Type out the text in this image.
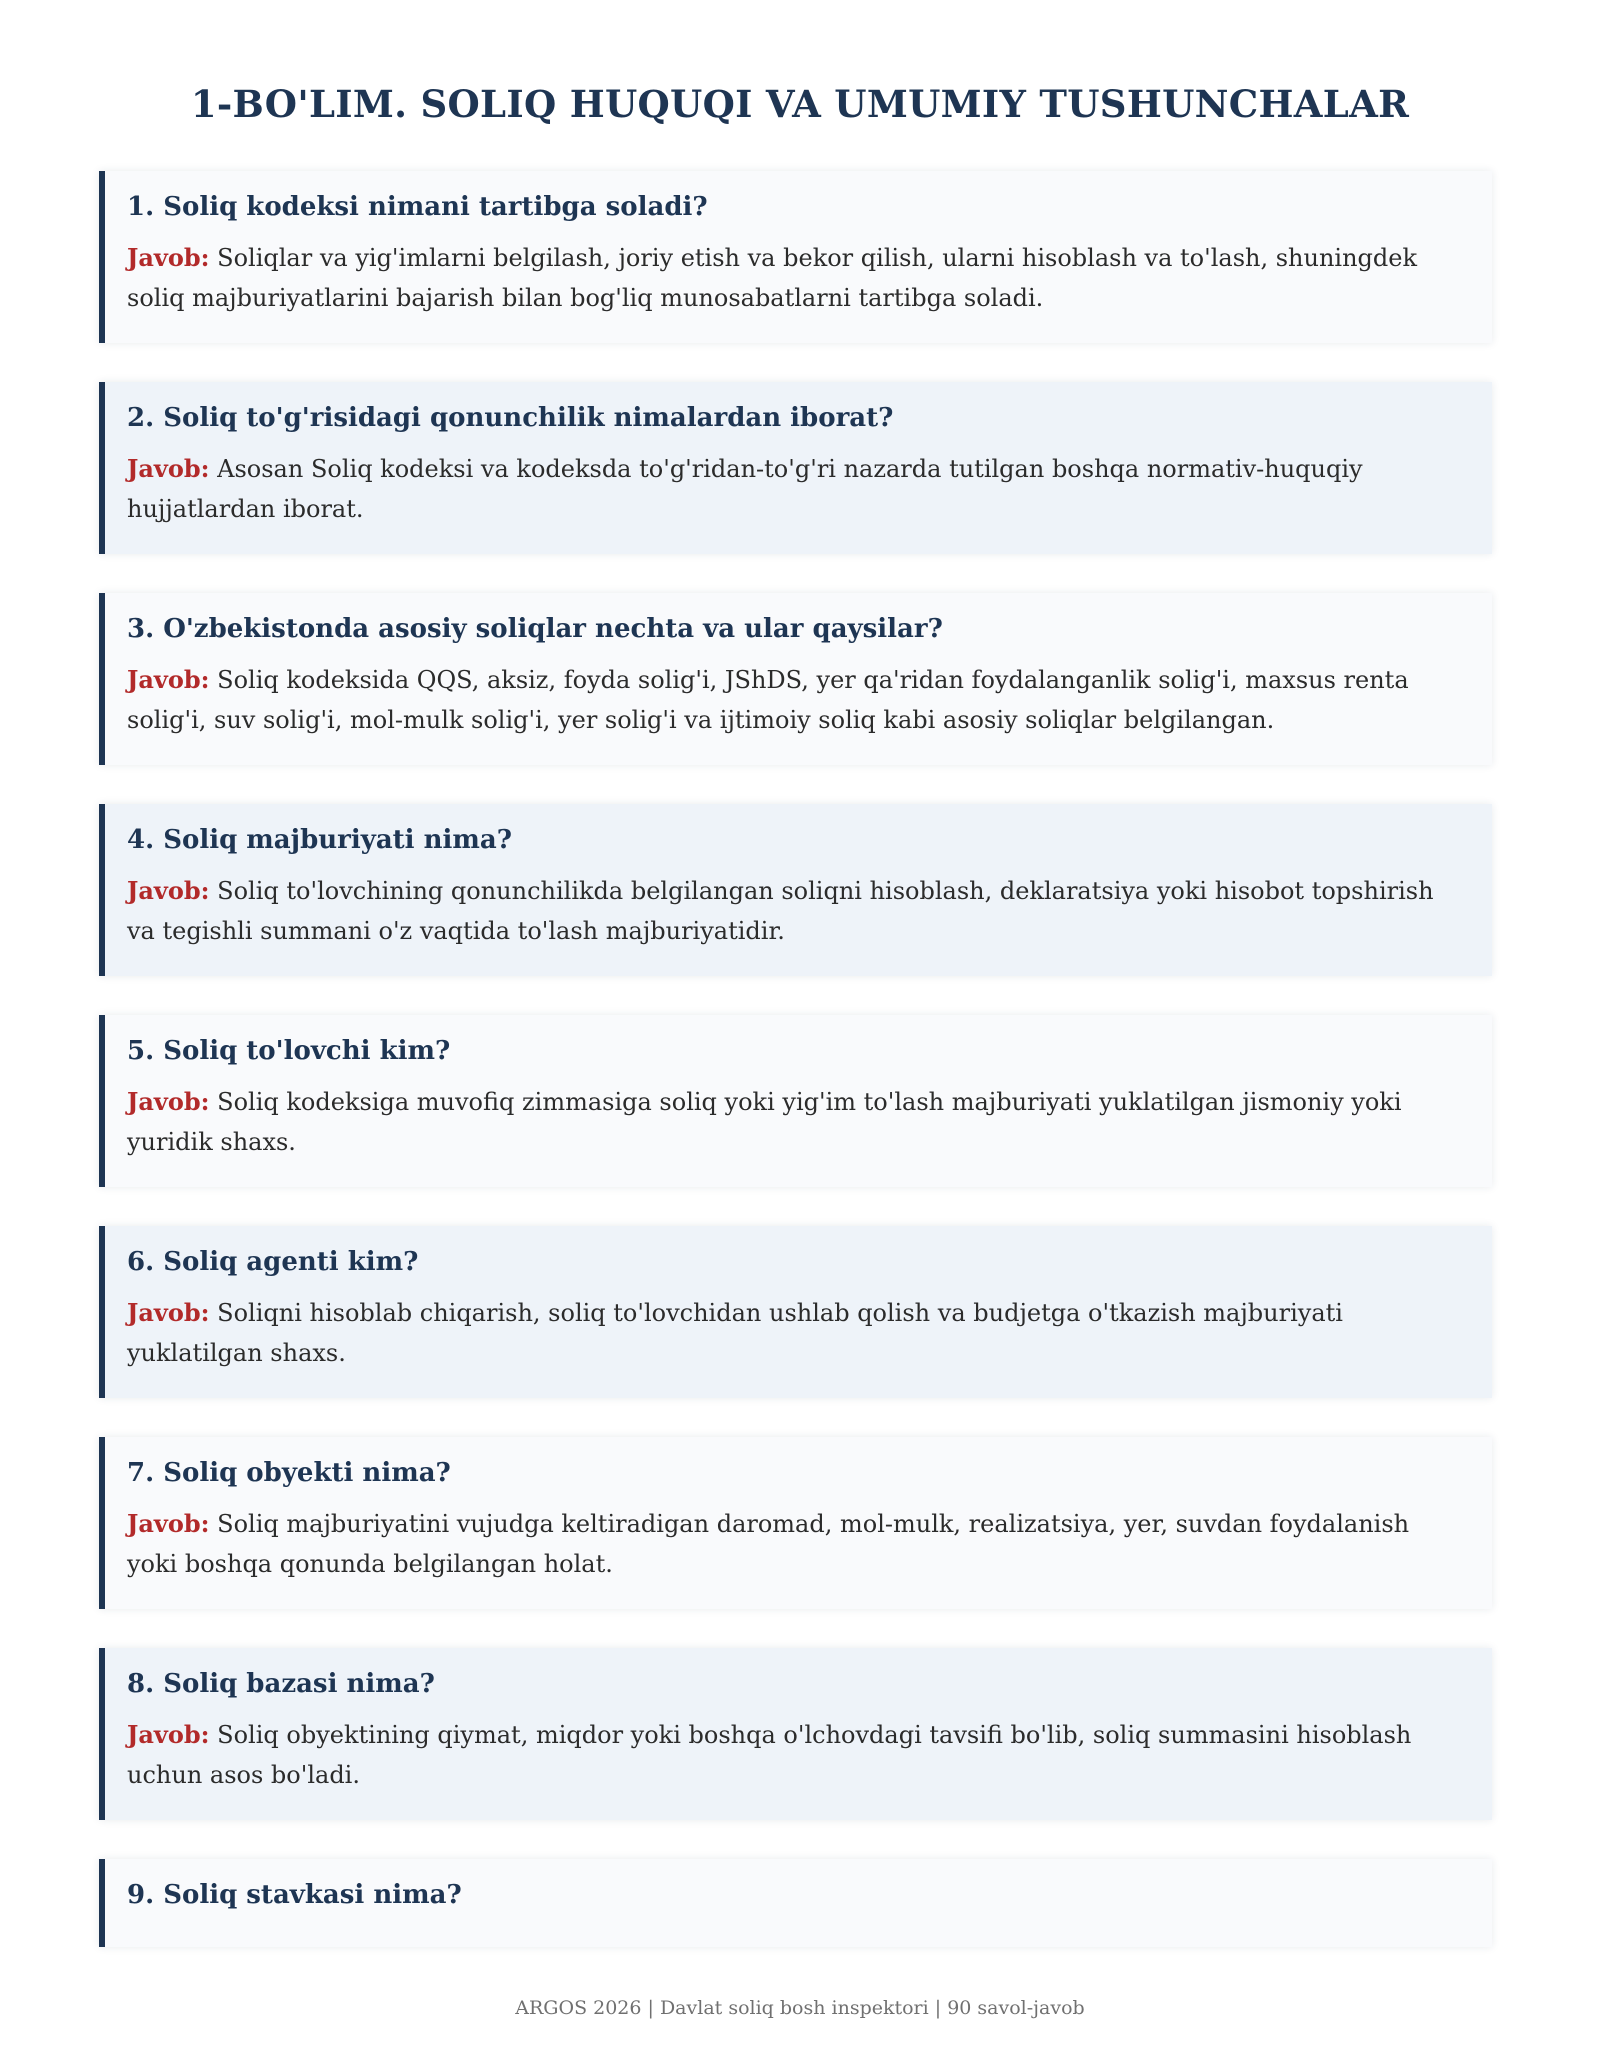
1-BO'LIM. SOLIQ HUQUQI VA UMUMIY TUSHUNCHALAR

1. Soliq kodeksi nimani tartibga soladi?

Javob: Soliqlar va yig'imlarni belgilash, joriy etish va bekor qilish, ularni hisoblash va to'lash, shuningdek soliq majburiyatlarini bajarish bilan bog'liq munosabatlarni tartibga soladi.

2. Soliq to'g'risidagi qonunchilik nimalardan iborat?

Javob: Asosan Soliq kodeksi va kodeksda to'g'ridan-to'g'ri nazarda tutilgan boshqa normativ-huquqiy hujjatlardan iborat.

3. O'zbekistonda asosiy soliqlar nechta va ular qaysilar?

Javob: Soliq kodeksida QQS, aksiz, foyda solig'i, JShDS, yer qa'ridan foydalanganlik solig'i, maxsus renta solig'i, suv solig'i, mol-mulk solig'i, yer solig'i va ijtimoiy soliq kabi asosiy soliqlar belgilangan.

4. Soliq majburiyati nima?

Javob: Soliq to'lovchining qonunchilikda belgilangan soliqni hisoblash, deklaratsiya yoki hisobot topshirish va tegishli summani o'z vaqtida to'lash majburiyatidir.

5. Soliq to'lovchi kim?

Javob: Soliq kodeksiga muvofiq zimmasiga soliq yoki yig'im to'lash majburiyati yuklatilgan jismoniy yoki yuridik shaxs.

6. Soliq agenti kim?

Javob: Soliqni hisoblab chiqarish, soliq to'lovchidan ushlab qolish va budjetga o'tkazish majburiyati yuklatilgan shaxs.

7. Soliq obyekti nima?

Javob: Soliq majburiyatini vujudga keltiradigan daromad, mol-mulk, realizatsiya, yer, suvdan foydalanish yoki boshqa qonunda belgilangan holat.

8. Soliq bazasi nima?

Javob: Soliq obyektining qiymat, miqdor yoki boshqa o'lchovdagi tavsifi bo'lib, soliq summasini hisoblash uchun asos bo'ladi.

9. Soliq stavkasi nima?

ARGOS 2026 | Davlat soliq bosh inspektori | 90 savol-javob
